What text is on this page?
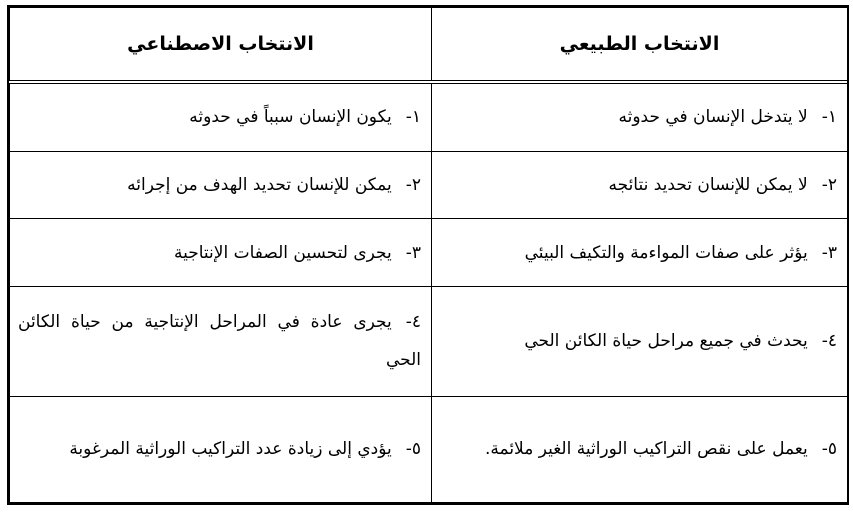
الانتخاب الطبيعي	الانتخاب الاصطناعي
١-لا يتدخل الإنسان في حدوثه	١-يكون الإنسان سبباً في حدوثه
٢-لا يمكن للإنسان تحديد نتائجه	٢-يمكن للإنسان تحديد الهدف من إجرائه
٣-يؤثر على صفات المواءمة والتكيف البيئي	٣-يجرى لتحسين الصفات الإنتاجية
٤-يحدث في جميع مراحل حياة الكائن الحي	٤-يجرى عادة في المراحل الإنتاجية من حياة الكائن الحي
٥-يعمل على نقص التراكيب الوراثية الغير ملائمة.	٥-يؤدي إلى زيادة عدد التراكيب الوراثية المرغوبة
